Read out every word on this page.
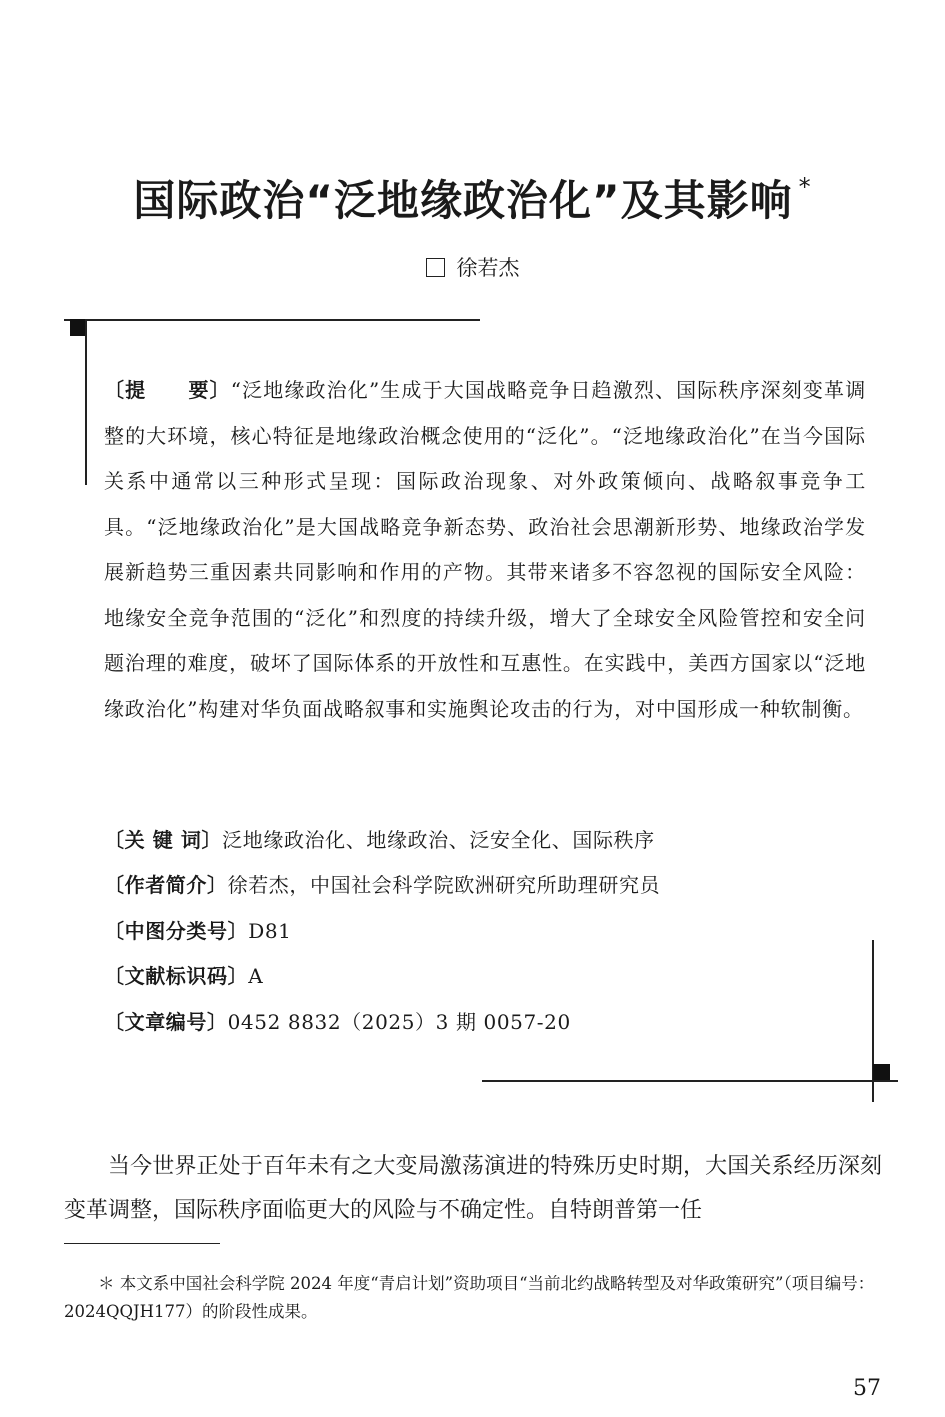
国际政治“泛地缘政治化”及其影响 *
徐若杰
〔提　　要〕“泛地缘政治化”生成于大国战略竞争日趋激烈、国际秩序深刻变革调整的大环境，核心特征是地缘政治概念使用的“泛化”。“泛地缘政治化”在当今国际关系中通常以三种形式呈现：国际政治现象、对外政策倾向、战略叙事竞争工具。“泛地缘政治化”是大国战略竞争新态势、政治社会思潮新形势、地缘政治学发展新趋势三重因素共同影响和作用的产物。其带来诸多不容忽视的国际安全风险：地缘安全竞争范围的“泛化”和烈度的持续升级，增大了全球安全风险管控和安全问题治理的难度，破坏了国际体系的开放性和互惠性。在实践中，美西方国家以“泛地缘政治化”构建对华负面战略叙事和实施舆论攻击的行为，对中国形成一种软制衡。
〔关 键 词〕泛地缘政治化、地缘政治、泛安全化、国际秩序
〔作者简介〕徐若杰，中国社会科学院欧洲研究所助理研究员
〔中图分类号〕D81
〔文献标识码〕A
〔文章编号〕0452 8832（2025）3 期 0057-20

当今世界正处于百年未有之大变局激荡演进的特殊历史时期，大国关系经历深刻变革调整，国际秩序面临更大的风险与不确定性。自特朗普第一任

＊ 本文系中国社会科学院 2024 年度“青启计划”资助项目“当前北约战略转型及对华政策研究”（项目编号：2024QQJH177）的阶段性成果。
57
